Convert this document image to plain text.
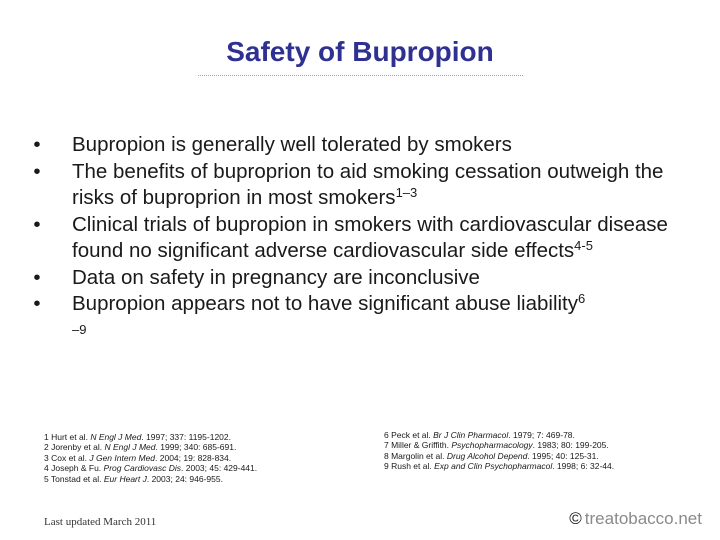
Safety of Bupropion
• Bupropion is generally well tolerated by smokers
• The benefits of buproprion to aid smoking cessation outweigh the risks of buproprion in most smokers$^{1-3}$
• Clinical trials of bupropion in smokers with cardiovascular disease found no significant adverse cardiovascular side effects$^{4-5}$
• Data on safety in pregnancy are inconclusive
• Bupropion appears not to have significant abuse liability$^6$
–9
1 Hurt et al. N Engl J Med. 1997; 337: 1195-1202.
2 Jorenby et al. N Engl J Med. 1999; 340: 685-691.
3 Cox et al. J Gen Intern Med. 2004; 19: 828-834.
4 Joseph & Fu. Prog Cardiovasc Dis. 2003; 45: 429-441.
5 Tonstad et al. Eur Heart J. 2003; 24: 946-955.
6 Peck et al. Br J Clin Pharmacol. 1979; 7: 469-78.
7 Miller & Griffith. Psychopharmacology. 1983; 80: 199-205.
8 Margolin et al. Drug Alcohol Depend. 1995; 40: 125-31.
9 Rush et al. Exp and Clin Psychopharmacol. 1998; 6: 32-44.
Last updated March 2011	© treatobacco.net
